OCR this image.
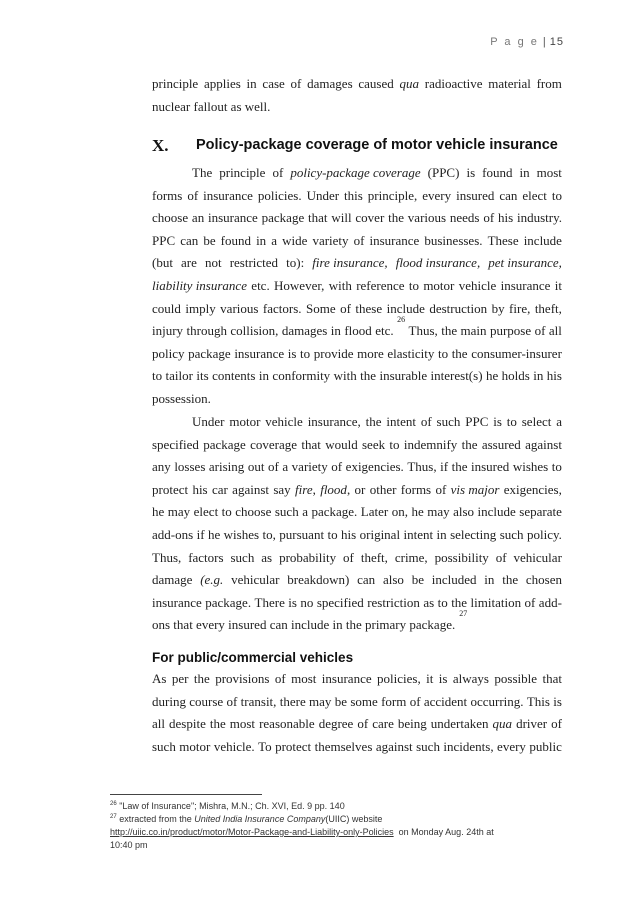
P a g e | 15
principle applies in case of damages caused qua radioactive material from
nuclear fallout as well.
X. Policy-package coverage of motor vehicle insurance
The principle of policy-package coverage (PPC) is found in most
forms of insurance policies. Under this principle, every insured can elect to
choose an insurance package that will cover the various needs of his industry.
PPC can be found in a wide variety of insurance businesses. These include
(but are not restricted to): fire insurance, flood insurance, pet insurance,
liability insurance etc. However, with reference to motor vehicle insurance it
could imply various factors. Some of these include destruction by fire, theft,
injury through collision, damages in flood etc.
26
Thus, the main purpose of all
policy package insurance is to provide more elasticity to the consumer-insurer
to tailor its contents in conformity with the insurable interest(s) he holds in his
possession.
Under motor vehicle insurance, the intent of such PPC is to select a
specified package coverage that would seek to indemnify the assured against
any losses arising out of a variety of exigencies. Thus, if the insured wishes to
protect his car against say fire, flood, or other forms of vis major exigencies,
he may elect to choose such a package. Later on, he may also include separate
add-ons if he wishes to, pursuant to his original intent in selecting such policy.
Thus, factors such as probability of theft, crime, possibility of vehicular
damage (e.g. vehicular breakdown) can also be included in the chosen
insurance package. There is no specified restriction as to the limitation of add-
ons that every insured can include in the primary package.
27
For public/commercial vehicles
As per the provisions of most insurance policies, it is always possible that
during course of transit, there may be some form of accident occurring. This is
all despite the most reasonable degree of care being undertaken qua driver of
such motor vehicle. To protect themselves against such incidents, every public
$^{26}$ "Law of Insurance"; Mishra, M.N.; Ch. XVI, Ed. 9 pp. 140
$^{27}$ extracted from the United India Insurance Company(UIIC) website
http://uiic.co.in/product/motor/Motor-Package-and-Liability-only-Policies on Monday Aug. 24th at
10:40 pm
